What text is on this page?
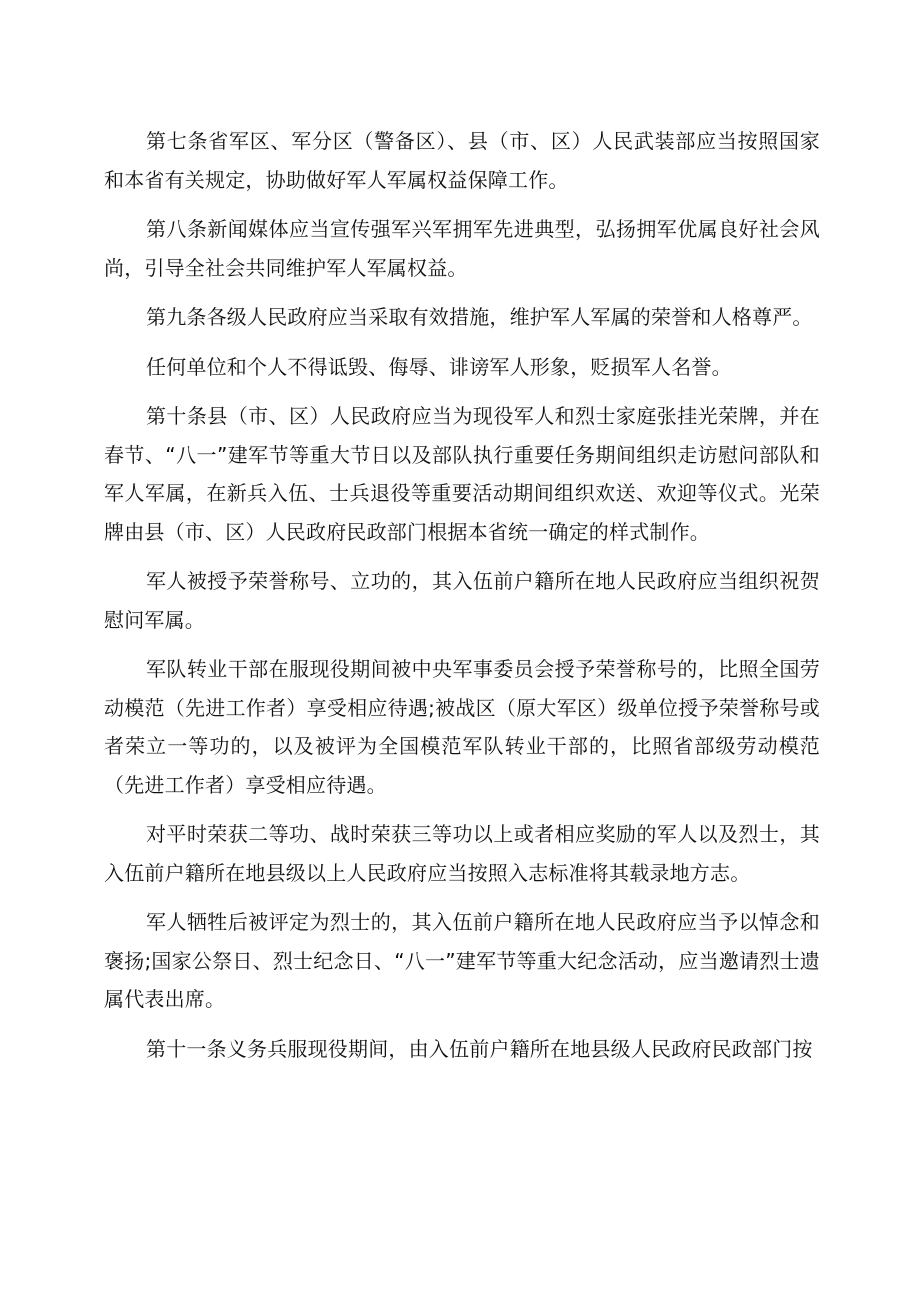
第七条省军区、军分区（警备区）、县（市、区）人民武装部应当按照国家和本省有关规定，协助做好军人军属权益保障工作。

第八条新闻媒体应当宣传强军兴军拥军先进典型，弘扬拥军优属良好社会风尚，引导全社会共同维护军人军属权益。

第九条各级人民政府应当采取有效措施，维护军人军属的荣誉和人格尊严。

任何单位和个人不得诋毁、侮辱、诽谤军人形象，贬损军人名誉。

第十条县（市、区）人民政府应当为现役军人和烈士家庭张挂光荣牌，并在春节、“八一”建军节等重大节日以及部队执行重要任务期间组织走访慰问部队和军人军属，在新兵入伍、士兵退役等重要活动期间组织欢送、欢迎等仪式。光荣牌由县（市、区）人民政府民政部门根据本省统一确定的样式制作。

军人被授予荣誉称号、立功的，其入伍前户籍所在地人民政府应当组织祝贺慰问军属。

军队转业干部在服现役期间被中央军事委员会授予荣誉称号的，比照全国劳动模范（先进工作者）享受相应待遇;被战区（原大军区）级单位授予荣誉称号或者荣立一等功的，以及被评为全国模范军队转业干部的，比照省部级劳动模范（先进工作者）享受相应待遇。

对平时荣获二等功、战时荣获三等功以上或者相应奖励的军人以及烈士，其入伍前户籍所在地县级以上人民政府应当按照入志标准将其载录地方志。

军人牺牲后被评定为烈士的，其入伍前户籍所在地人民政府应当予以悼念和褒扬;国家公祭日、烈士纪念日、“八一”建军节等重大纪念活动，应当邀请烈士遗属代表出席。

第十一条义务兵服现役期间，由入伍前户籍所在地县级人民政府民政部门按
